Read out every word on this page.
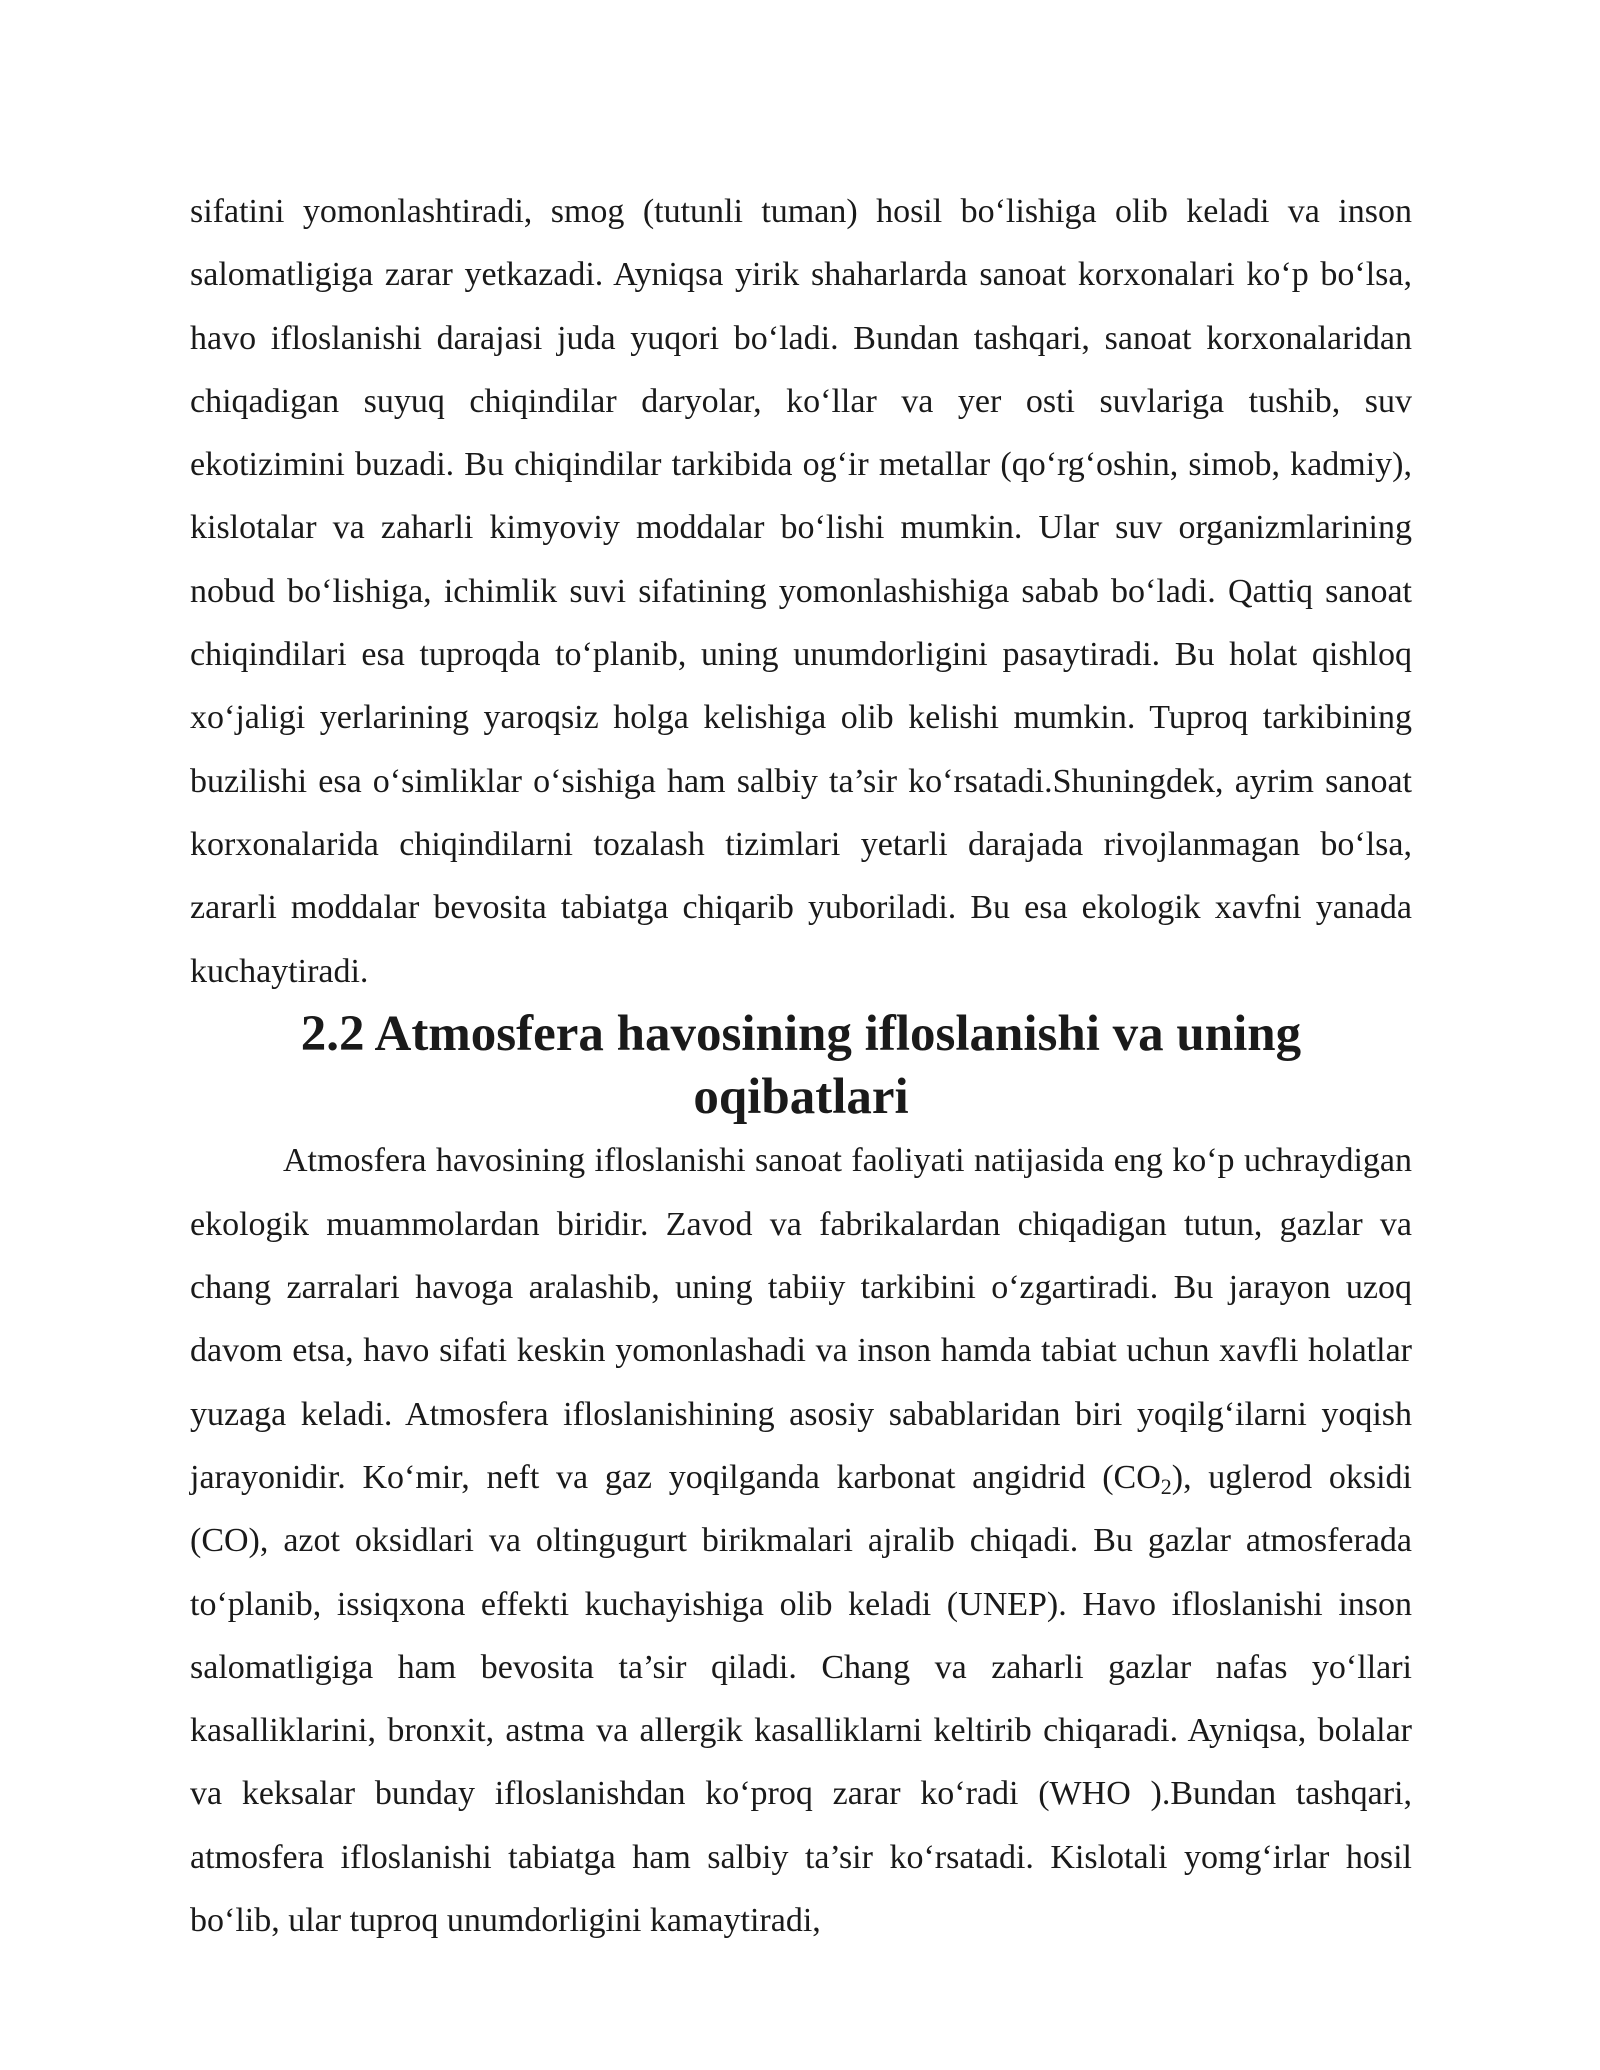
sifatini yomonlashtiradi, smog (tutunli tuman) hosil bo‘lishiga olib keladi va inson salomatligiga zarar yetkazadi. Ayniqsa yirik shaharlarda sanoat korxonalari ko‘p bo‘lsa, havo ifloslanishi darajasi juda yuqori bo‘ladi. Bundan tashqari, sanoat korxonalaridan chiqadigan suyuq chiqindilar daryolar, ko‘llar va yer osti suvlariga tushib, suv ekotizimini buzadi. Bu chiqindilar tarkibida og‘ir metallar (qo‘rg‘oshin, simob, kadmiy), kislotalar va zaharli kimyoviy moddalar bo‘lishi mumkin. Ular suv organizmlarining nobud bo‘lishiga, ichimlik suvi sifatining yomonlashishiga sabab bo‘ladi. Qattiq sanoat chiqindilari esa tuproqda to‘planib, uning unumdorligini pasaytiradi. Bu holat qishloq xo‘jaligi yerlarining yaroqsiz holga kelishiga olib kelishi mumkin. Tuproq tarkibining buzilishi esa o‘simliklar o‘sishiga ham salbiy ta’sir ko‘rsatadi.Shuningdek, ayrim sanoat korxonalarida chiqindilarni tozalash tizimlari yetarli darajada rivojlanmagan bo‘lsa, zararli moddalar bevosita tabiatga chiqarib yuboriladi. Bu esa ekologik xavfni yanada kuchaytiradi.

2.2 Atmosfera havosining ifloslanishi va uning oqibatlari

Atmosfera havosining ifloslanishi sanoat faoliyati natijasida eng ko‘p uchraydigan ekologik muammolardan biridir. Zavod va fabrikalardan chiqadigan tutun, gazlar va chang zarralari havoga aralashib, uning tabiiy tarkibini o‘zgartiradi. Bu jarayon uzoq davom etsa, havo sifati keskin yomonlashadi va inson hamda tabiat uchun xavfli holatlar yuzaga keladi. Atmosfera ifloslanishining asosiy sabablaridan biri yoqilg‘ilarni yoqish jarayonidir. Ko‘mir, neft va gaz yoqilganda karbonat angidrid $(CO_2)$, uglerod oksidi (CO), azot oksidlari va oltingugurt birikmalari ajralib chiqadi. Bu gazlar atmosferada to‘planib, issiqxona effekti kuchayishiga olib keladi (UNEP). Havo ifloslanishi inson salomatligiga ham bevosita ta’sir qiladi. Chang va zaharli gazlar nafas yo‘llari kasalliklarini, bronxit, astma va allergik kasalliklarni keltirib chiqaradi. Ayniqsa, bolalar va keksalar bunday ifloslanishdan ko‘proq zarar ko‘radi (WHO ).Bundan tashqari, atmosfera ifloslanishi tabiatga ham salbiy ta’sir ko‘rsatadi. Kislotali yomg‘irlar hosil bo‘lib, ular tuproq unumdorligini kamaytiradi,
